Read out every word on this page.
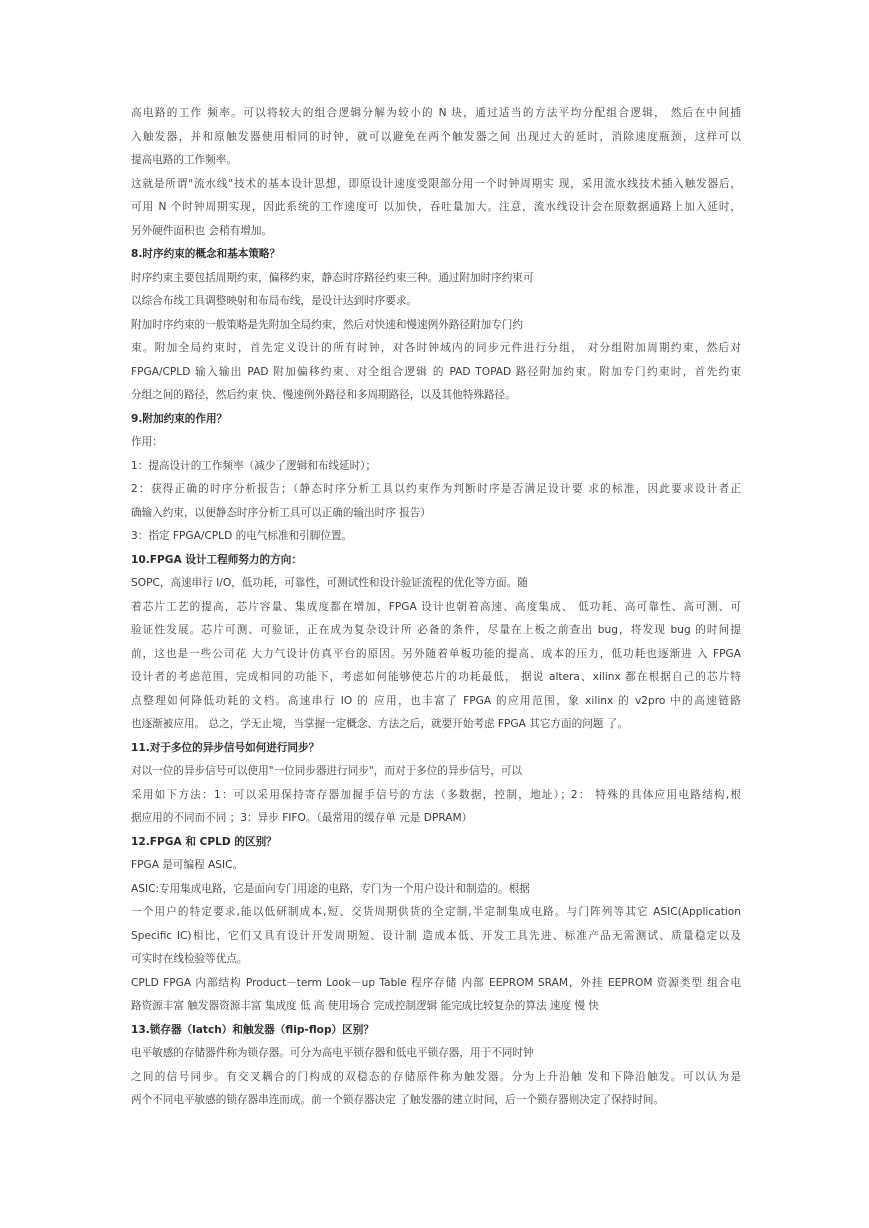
高电路的工作 频率。可以将较大的组合逻辑分解为较小的 N 块，通过适当的方法平均分配组合逻辑， 然后在中间插

入触发器，并和原触发器使用相同的时钟，就可以避免在两个触发器之间 出现过大的延时，消除速度瓶颈，这样可以

提高电路的工作频率。

这就是所谓"流水线"技术的基本设计思想，即原设计速度受限部分用一个时钟周期实 现，采用流水线技术插入触发器后，

可用 N 个时钟周期实现，因此系统的工作速度可 以加快，吞吐量加大。注意，流水线设计会在原数据通路上加入延时，

另外硬件面积也 会稍有增加。

8.时序约束的概念和基本策略？

时序约束主要包括周期约束，偏移约束，静态时序路径约束三种。通过附加时序约束可

以综合布线工具调整映射和布局布线，是设计达到时序要求。

附加时序约束的一般策略是先附加全局约束，然后对快速和慢速例外路径附加专门约

束。附加全局约束时，首先定义设计的所有时钟，对各时钟域内的同步元件进行分组， 对分组附加周期约束，然后对

FPGA/CPLD 输入输出 PAD 附加偏移约束、对全组合逻辑 的 PAD TOPAD 路径附加约束。附加专门约束时，首先约束

分组之间的路径，然后约束 快、慢速例外路径和多周期路径，以及其他特殊路径。

9.附加约束的作用？

作用：

1：提高设计的工作频率（减少了逻辑和布线延时）；

2：获得正确的时序分析报告；（静态时序分析工具以约束作为判断时序是否满足设计要 求的标准，因此要求设计者正

确输入约束，以便静态时序分析工具可以正确的输出时序 报告）

3：指定 FPGA/CPLD 的电气标准和引脚位置。

10.FPGA 设计工程师努力的方向：

SOPC，高速串行 I/O，低功耗，可靠性，可测试性和设计验证流程的优化等方面。随

着芯片工艺的提高，芯片容量、集成度都在增加，FPGA 设计也朝着高速、高度集成、 低功耗、高可靠性、高可测、可

验证性发展。芯片可测、可验证，正在成为复杂设计所 必备的条件，尽量在上板之前查出 bug，将发现 bug 的时间提

前，这也是一些公司花 大力气设计仿真平台的原因。另外随着单板功能的提高、成本的压力，低功耗也逐渐进 入 FPGA

设计者的考虑范围，完成相同的功能下，考虑如何能够使芯片的功耗最低， 据说 altera、xilinx 都在根据自己的芯片特

点整理如何降低功耗的文档。高速串行 IO 的 应用，也丰富了 FPGA 的应用范围，象 xilinx 的 v2pro 中的高速链路

也逐渐被应用。 总之，学无止境，当掌握一定概念、方法之后，就要开始考虑 FPGA 其它方面的问题 了。

11.对于多位的异步信号如何进行同步？

对以一位的异步信号可以使用"一位同步器进行同步"，而对于多位的异步信号，可以

采用如下方法：1：可以采用保持寄存器加握手信号的方法（多数据，控制，地址）；2： 特殊的具体应用电路结构,根

据应用的不同而不同 ；3：异步 FIFO。（最常用的缓存单 元是 DPRAM）

12.FPGA 和 CPLD 的区别？

FPGA 是可编程 ASIC。

ASIC:专用集成电路，它是面向专门用途的电路，专门为一个用户设计和制造的。根据

一个用户的特定要求,能以低研制成本,短、交货周期供货的全定制,半定制集成电路。与门阵列等其它 ASIC(Application

Specific IC)相比，它们又具有设计开发周期短、设计制 造成本低、开发工具先进、标准产品无需测试、质量稳定以及

可实时在线检验等优点。

CPLD FPGA 内部结构 Product－term Look－up Table 程序存储 内部 EEPROM SRAM，外挂 EEPROM 资源类型 组合电

路资源丰富 触发器资源丰富 集成度 低 高 使用场合 完成控制逻辑 能完成比较复杂的算法 速度 慢 快

13.锁存器（latch）和触发器（flip-flop）区别？

电平敏感的存储器件称为锁存器。可分为高电平锁存器和低电平锁存器，用于不同时钟

之间的信号同步。有交叉耦合的门构成的双稳态的存储原件称为触发器。分为上升沿触 发和下降沿触发。可以认为是

两个不同电平敏感的锁存器串连而成。前一个锁存器决定 了触发器的建立时间，后一个锁存器则决定了保持时间。
